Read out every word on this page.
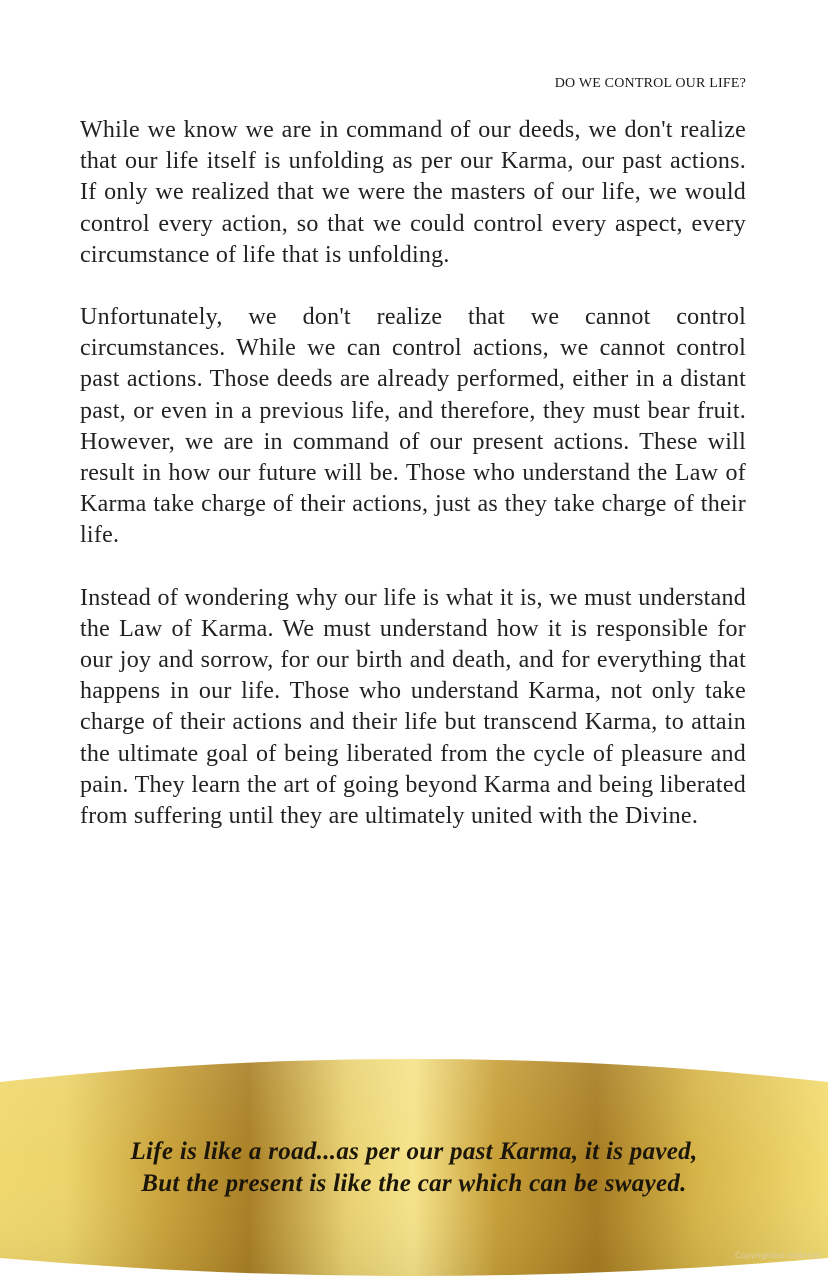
DO WE CONTROL OUR LIFE?

While we know we are in command of our deeds, we don't realize that our life itself is unfolding as per our Karma, our past actions. If only we realized that we were the masters of our life, we would control every action, so that we could control every aspect, every circumstance of life that is unfolding.

Unfortunately, we don't realize that we cannot control circumstances. While we can control actions, we cannot control past actions. Those deeds are already performed, either in a distant past, or even in a previous life, and therefore, they must bear fruit. However, we are in command of our present actions. These will result in how our future will be. Those who understand the Law of Karma take charge of their actions, just as they take charge of their life.

Instead of wondering why our life is what it is, we must understand the Law of Karma. We must understand how it is responsible for our joy and sorrow, for our birth and death, and for everything that happens in our life. Those who understand Karma, not only take charge of their actions and their life but transcend Karma, to attain the ultimate goal of being liberated from the cycle of pleasure and pain. They learn the art of going beyond Karma and being liberated from suffering until they are ultimately united with the Divine.

Life is like a road...as per our past Karma, it is paved,
But the present is like the car which can be swayed.
Copyrighted material
